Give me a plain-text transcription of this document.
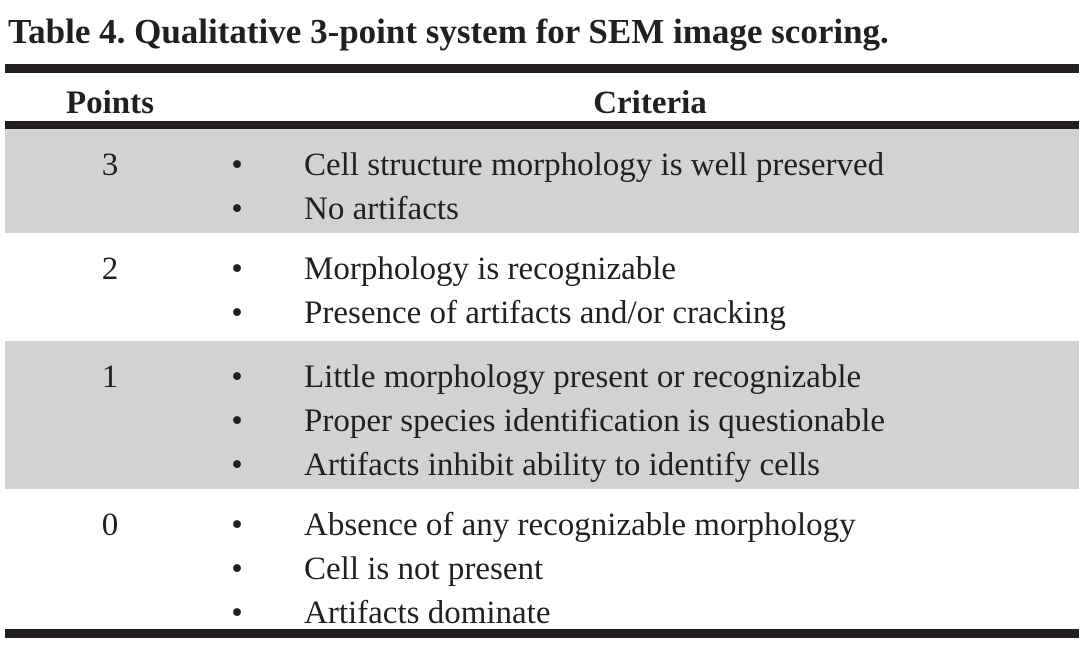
Table 4. Qualitative 3-point system for SEM image scoring.
Points	Criteria
3	• Cell structure morphology is well preserved
• No artifacts
2	• Morphology is recognizable
• Presence of artifacts and/or cracking
1	• Little morphology present or recognizable
• Proper species identification is questionable
• Artifacts inhibit ability to identify cells
0	• Absence of any recognizable morphology
• Cell is not present
• Artifacts dominate
